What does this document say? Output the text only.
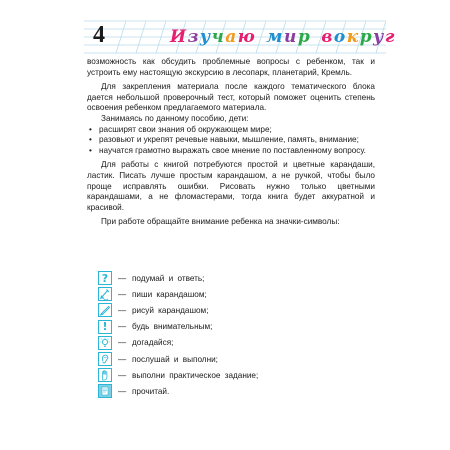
4	Изучаю мир вокруг

возможность как обсудить проблемные вопросы с ребенком, так и устроить ему настоящую экскурсию в лесопарк, планетарий, Кремль.

Для закрепления материала после каждого тематического блока дается небольшой проверочный тест, который поможет оценить степень освоения ребенком предлагаемого материала.

Занимаясь по данному пособию, дети:

• расширят свои знания об окружающем мире;
• разовьют и укрепят речевые навыки, мышление, память, внимание;
• научатся грамотно выражать свое мнение по поставленному вопросу.

Для работы с книгой потребуются простой и цветные карандаши, ластик. Писать лучше простым карандашом, а не ручкой, чтобы было проще исправлять ошибки. Рисовать нужно только цветными карандашами, а не фломастерами, тогда книга будет аккуратной и красивой.

При работе обращайте внимание ребенка на значки-символы:

? — подумай и ответь;
— пиши карандашом;
— рисуй карандашом;
! — будь внимательным;
— догадайся;
— послушай и выполни;
— выполни практическое задание;
— прочитай.
